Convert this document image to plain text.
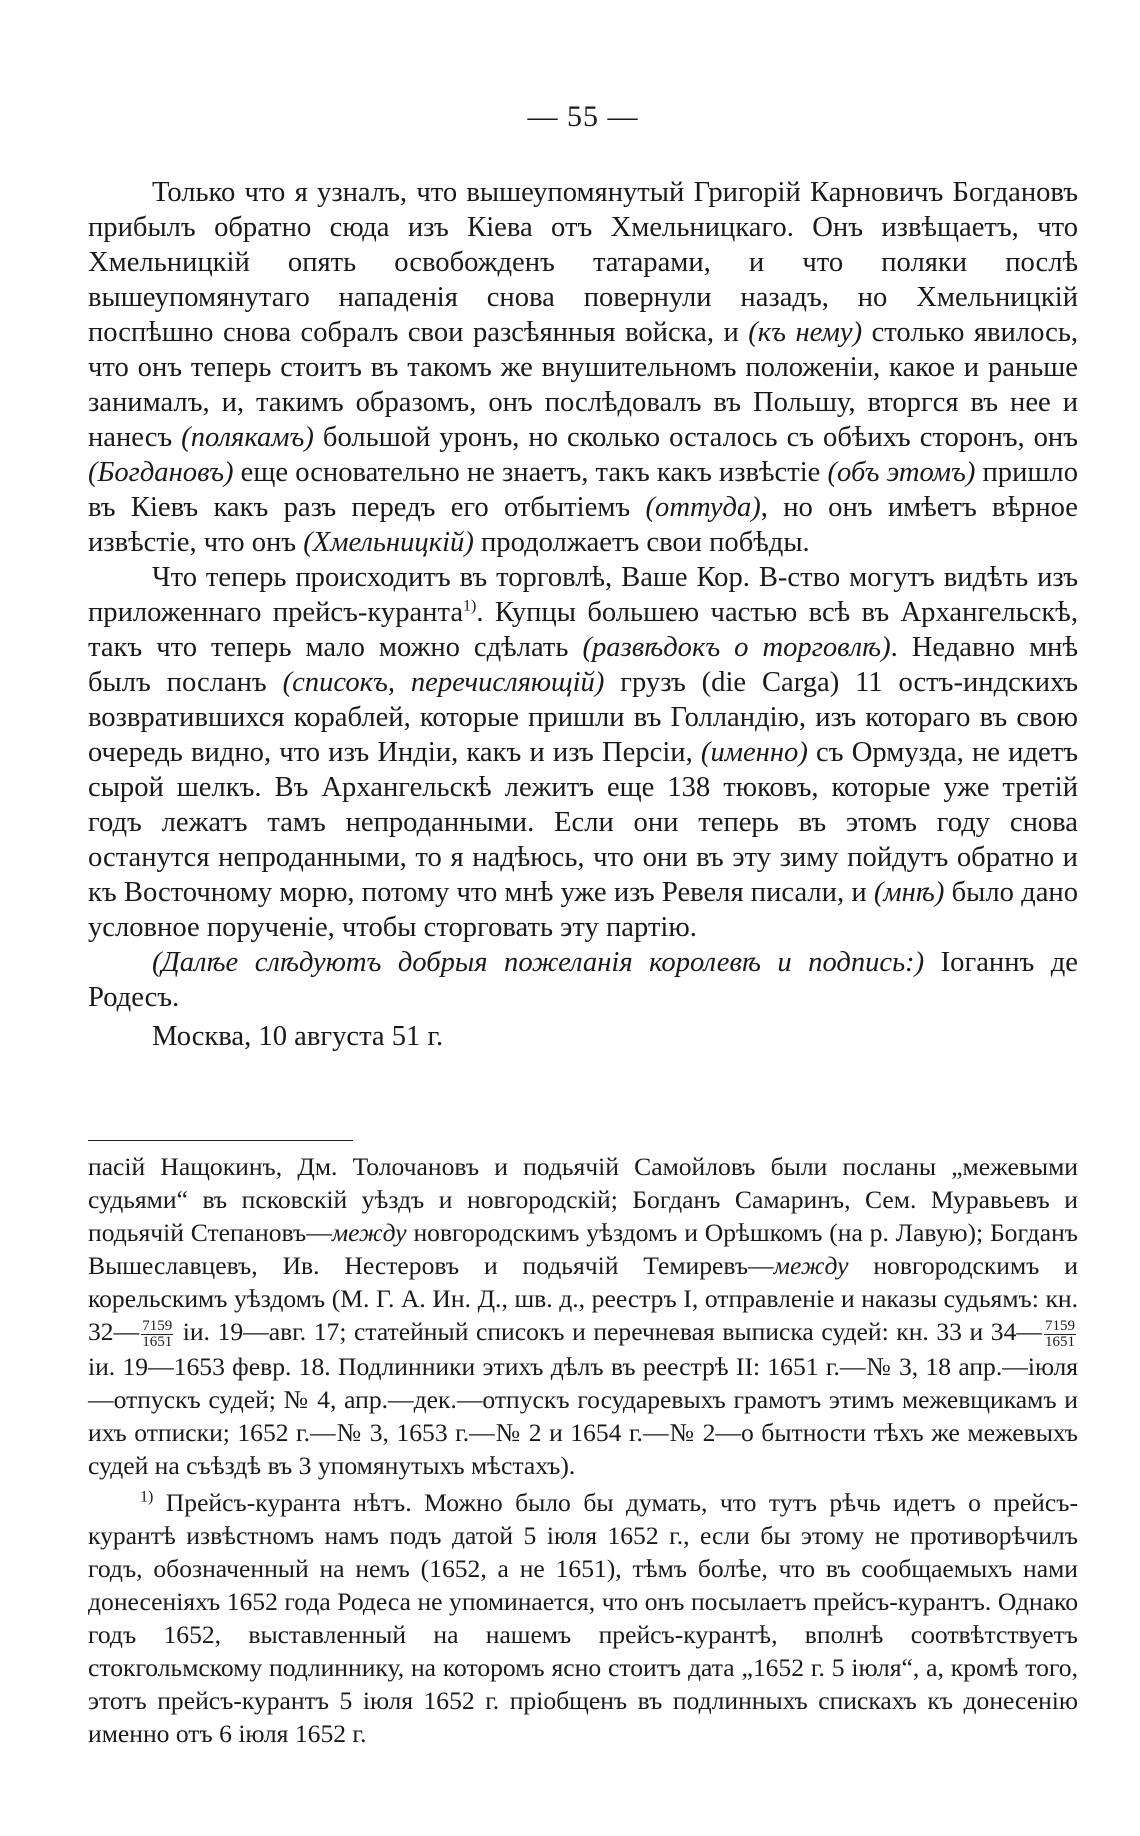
— 55 —

Только что я узналъ, что вышеупомянутый Григорій Карновичъ Богдановъ прибылъ обратно сюда изъ Кіева отъ Хмельницкаго. Онъ извѣщаетъ, что Хмельницкій опять освобожденъ татарами, и что поляки послѣ вышеупомянутаго нападенія снова повернули назадъ, но Хмельницкій поспѣшно снова собралъ свои разсѣянныя войска, и (къ нему) столько явилось, что онъ теперь стоитъ въ такомъ же внушительномъ положеніи, какое и раньше занималъ, и, такимъ образомъ, онъ послѣдовалъ въ Польшу, вторгся въ нее и нанесъ (полякамъ) большой уронъ, но сколько осталось съ обѣихъ сторонъ, онъ (Богдановъ) еще основательно не знаетъ, такъ какъ извѣстіе (объ этомъ) пришло въ Кіевъ какъ разъ передъ его отбытіемъ (оттуда), но онъ имѣетъ вѣрное извѣстіе, что онъ (Хмельницкій) продолжаетъ свои побѣды.

Что теперь происходитъ въ торговлѣ, Ваше Кор. В-ство могутъ видѣть изъ приложеннаго прейсъ-куранта$^{1)}$. Купцы большею частью всѣ въ Архангельскѣ, такъ что теперь мало можно сдѣлать (развѣдокъ о торговлѣ). Недавно мнѣ былъ посланъ (списокъ, перечисляющій) грузъ (die Carga) 11 остъ-индскихъ возвратившихся кораблей, которые пришли въ Голландію, изъ котораго въ свою очередь видно, что изъ Индіи, какъ и изъ Персіи, (именно) съ Ормузда, не идетъ сырой шелкъ. Въ Архангельскѣ лежитъ еще 138 тюковъ, которые уже третій годъ лежатъ тамъ непроданными. Если они теперь въ этомъ году снова останутся непроданными, то я надѣюсь, что они въ эту зиму пойдутъ обратно и къ Восточному морю, потому что мнѣ уже изъ Ревеля писали, и (мнѣ) было дано условное порученіе, чтобы сторговать эту партію.

(Далѣе слѣдуютъ добрыя пожеланія королевѣ и подпись:) Іоганнъ де Родесъ.

Москва, 10 августа 51 г.

пасій Нащокинъ, Дм. Толочановъ и подьячій Самойловъ были посланы „межевыми судьями“ въ псковскій уѣздъ и новгородскій; Богданъ Самаринъ, Сем. Муравьевъ и подьячій Степановъ—между новгородскимъ уѣздомъ и Орѣшкомъ (на р. Лавую); Богданъ Вышеславцевъ, Ив. Нестеровъ и подьячій Темиревъ—между новгородскимъ и корельскимъ уѣздомъ (М. Г. А. Ин. Д., шв. д., реестръ I, отправленіе и наказы судьямъ: кн. 32— $\frac{7159}{1651}$ іи. 19—авг. 17; статейный списокъ и перечневая выписка судей: кн. 33 и 34— $\frac{7159}{1651}$
іи. 19—1653 февр. 18. Подлинники этихъ дѣлъ въ реестрѣ II: 1651 г.—№ 3, 18 апр.—іюля—отпускъ судей; № 4, апр.—дек.—отпускъ государевыхъ грамотъ этимъ межевщикамъ и ихъ отписки; 1652 г.—№ 3, 1653 г.—№ 2 и 1654 г.—№ 2—о бытности тѣхъ же межевыхъ судей на съѣздѣ въ 3 упомянутыхъ мѣстахъ).

$^{1)}$ Прейсъ-куранта нѣтъ. Можно было бы думать, что тутъ рѣчь идетъ о прейсъ-курантѣ извѣстномъ намъ подъ датой 5 іюля 1652 г., если бы этому не противорѣчилъ годъ, обозначенный на немъ (1652, а не 1651), тѣмъ болѣе, что въ сообщаемыхъ нами донесеніяхъ 1652 года Родеса не упоминается, что онъ посылаетъ прейсъ-курантъ. Однако годъ 1652, выставленный на нашемъ прейсъ-курантѣ, вполнѣ соотвѣтствуетъ стокгольмскому подлиннику, на которомъ ясно стоитъ дата „1652 г. 5 іюля“, а, кромѣ того, этотъ прейсъ-курантъ 5 іюля 1652 г. пріобщенъ въ подлинныхъ спискахъ къ донесенію именно отъ 6 іюля 1652 г.
